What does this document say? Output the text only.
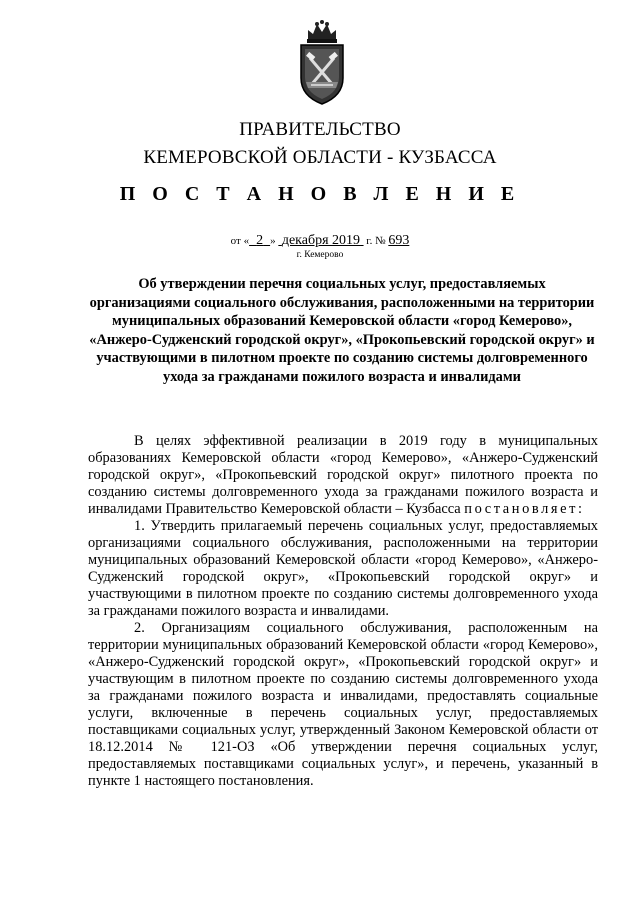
ПРАВИТЕЛЬСТВО
КЕМЕРОВСКОЙ ОБЛАСТИ - КУЗБАССА
П О С Т А Н О В Л Е Н И Е
от « 2 » декабря 2019 г. № 693
г. Кемерово
Об утверждении перечня социальных услуг, предоставляемых организациями социального обслуживания, расположенными на территории муниципальных образований Кемеровской области «город Кемерово», «Анжеро-Судженский городской округ», «Прокопьевский городской округ» и участвующими в пилотном проекте по созданию системы долговременного ухода за гражданами пожилого возраста и инвалидами

В целях эффективной реализации в 2019 году в муниципальных образованиях Кемеровской области «город Кемерово», «Анжеро-Судженский городской округ», «Прокопьевский городской округ» пилотного проекта по созданию системы долговременного ухода за гражданами пожилого возраста и инвалидами Правительство Кемеровской области – Кузбасса постановляет:

1. Утвердить прилагаемый перечень социальных услуг, предоставляемых организациями социального обслуживания, расположенными на территории муниципальных образований Кемеровской области «город Кемерово», «Анжеро-Судженский городской округ», «Прокопьевский городской округ» и участвующими в пилотном проекте по созданию системы долговременного ухода за гражданами пожилого возраста и инвалидами.

2. Организациям социального обслуживания, расположенным на территории муниципальных образований Кемеровской области «город Кемерово», «Анжеро-Судженский городской округ», «Прокопьевский городской округ» и участвующим в пилотном проекте по созданию системы долговременного ухода за гражданами пожилого возраста и инвалидами, предоставлять социальные услуги, включенные в перечень социальных услуг, предоставляемых поставщиками социальных услуг, утвержденный Законом Кемеровской области от 18.12.2014 № 121-ОЗ «Об утверждении перечня социальных услуг, предоставляемых поставщиками социальных услуг», и перечень, указанный в пункте 1 настоящего постановления.
